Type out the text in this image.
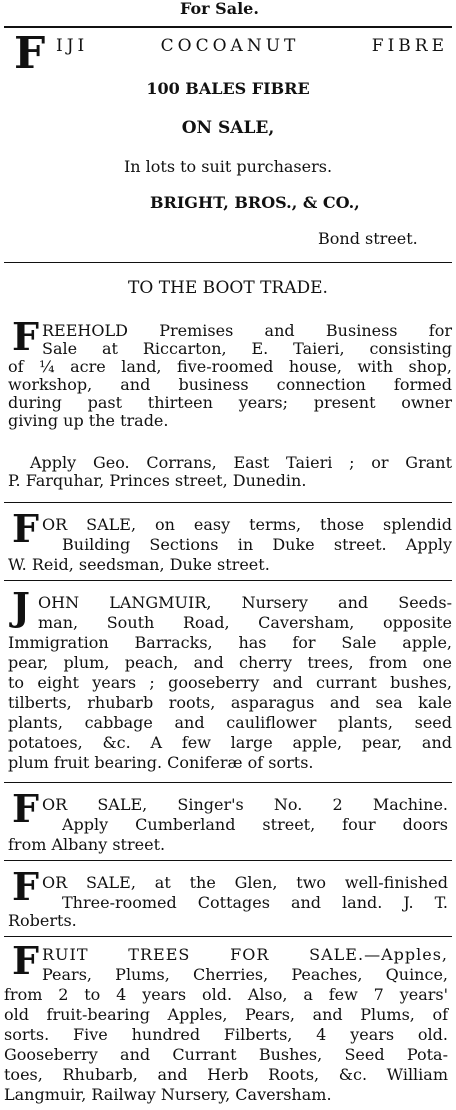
For Sale.
F IJI COCOANUT FIBRE
100 BALES FIBRE
ON SALE,
In lots to suit purchasers.
BRIGHT, BROS., & CO.,
Bond street.
TO THE BOOT TRADE.
F REEHOLD Premises and Business for
Sale at Riccarton, E. Taieri, consisting
of ¼ acre land, five-roomed house, with shop,
workshop, and business connection formed
during past thirteen years; present owner
giving up the trade.
Apply Geo. Corrans, East Taieri ; or Grant
P. Farquhar, Princes street, Dunedin.
F OR SALE, on easy terms, those splendid
Building Sections in Duke street. Apply
W. Reid, seedsman, Duke street.
J OHN LANGMUIR, Nursery and Seeds-
man, South Road, Caversham, opposite
Immigration Barracks, has for Sale apple,
pear, plum, peach, and cherry trees, from one
to eight years ; gooseberry and currant bushes,
tilberts, rhubarb roots, asparagus and sea kale
plants, cabbage and cauliflower plants, seed
potatoes, &c. A few large apple, pear, and
plum fruit bearing. Coniferæ of sorts.
F OR SALE, Singer's No. 2 Machine.
Apply Cumberland street, four doors
from Albany street.
F OR SALE, at the Glen, two well-finished
Three-roomed Cottages and land. J. T.
Roberts.
F RUIT TREES FOR SALE.—Apples,
Pears, Plums, Cherries, Peaches, Quince,
from 2 to 4 years old. Also, a few 7 years'
old fruit-bearing Apples, Pears, and Plums, of
sorts. Five hundred Filberts, 4 years old.
Gooseberry and Currant Bushes, Seed Pota-
toes, Rhubarb, and Herb Roots, &c. William
Langmuir, Railway Nursery, Caversham.
